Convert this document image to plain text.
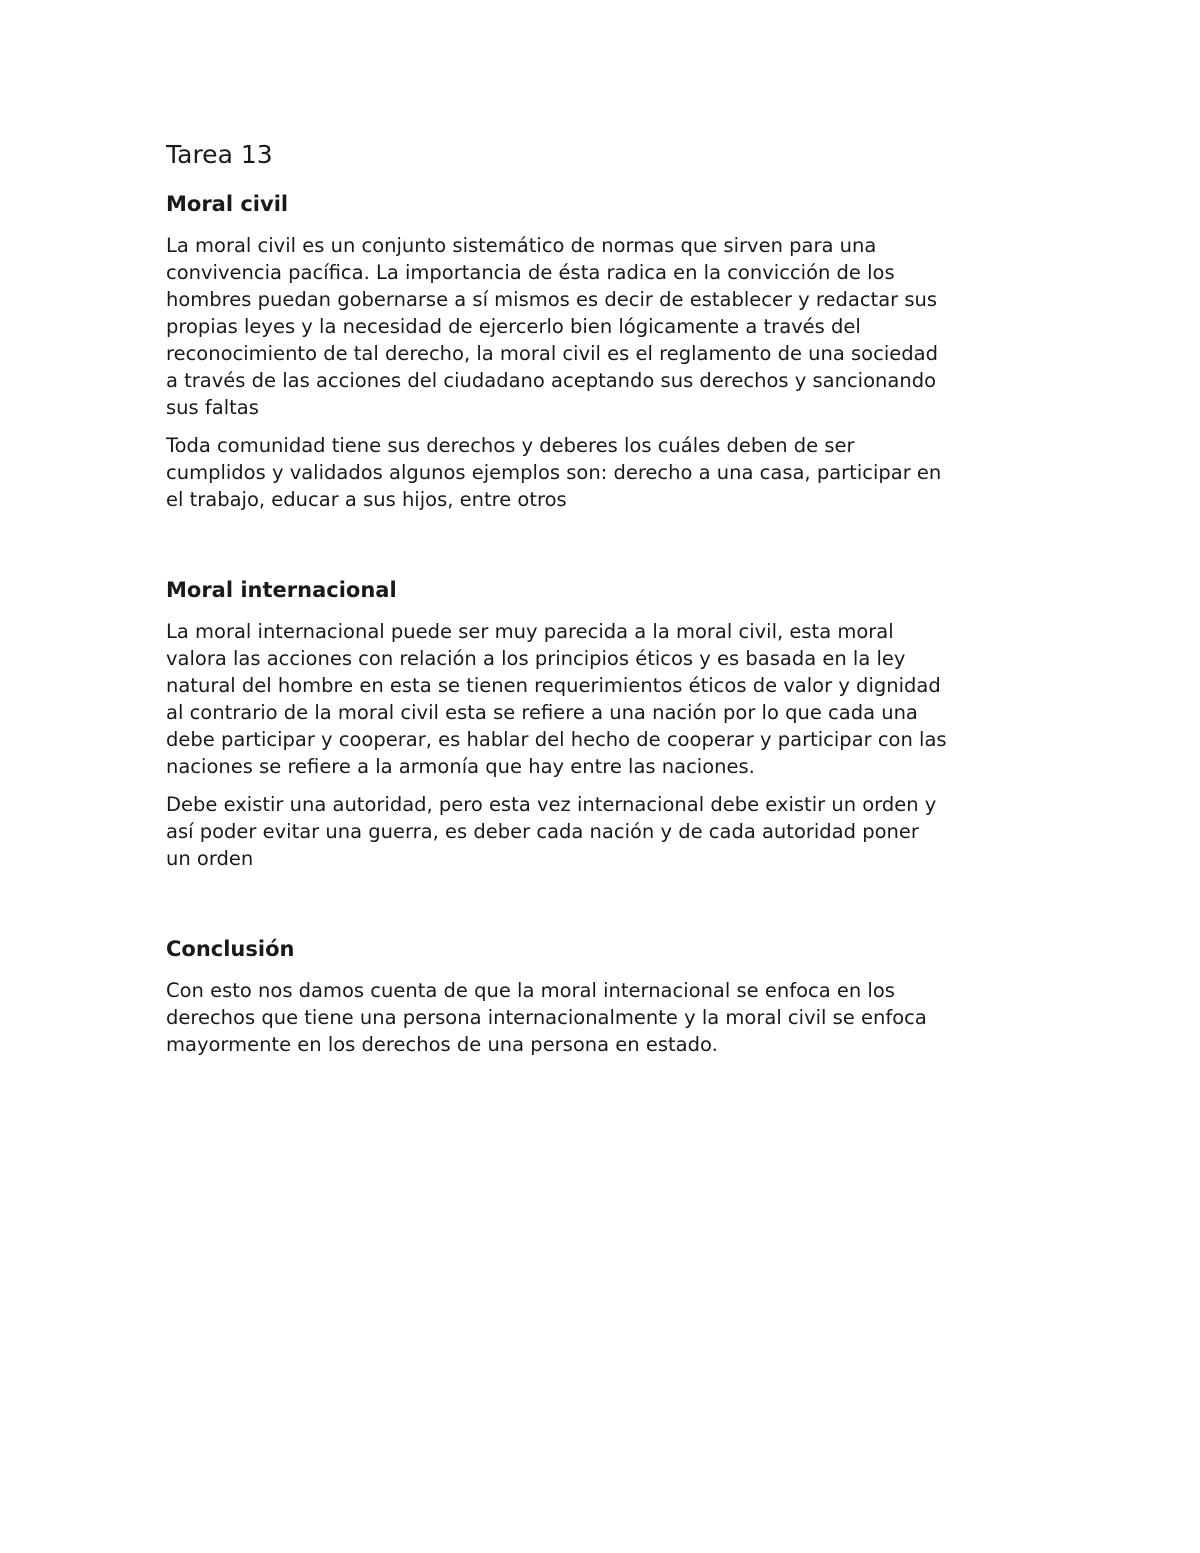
Tarea 13
Moral civil

La moral civil es un conjunto sistemático de normas que sirven para una
convivencia pacífica. La importancia de ésta radica en la convicción de los
hombres puedan gobernarse a sí mismos es decir de establecer y redactar sus
propias leyes y la necesidad de ejercerlo bien lógicamente a través del
reconocimiento de tal derecho, la moral civil es el reglamento de una sociedad
a través de las acciones del ciudadano aceptando sus derechos y sancionando
sus faltas

Toda comunidad tiene sus derechos y deberes los cuáles deben de ser
cumplidos y validados algunos ejemplos son: derecho a una casa, participar en
el trabajo, educar a sus hijos, entre otros

Moral internacional

La moral internacional puede ser muy parecida a la moral civil, esta moral
valora las acciones con relación a los principios éticos y es basada en la ley
natural del hombre en esta se tienen requerimientos éticos de valor y dignidad
al contrario de la moral civil esta se refiere a una nación por lo que cada una
debe participar y cooperar, es hablar del hecho de cooperar y participar con las
naciones se refiere a la armonía que hay entre las naciones.

Debe existir una autoridad, pero esta vez internacional debe existir un orden y
así poder evitar una guerra, es deber cada nación y de cada autoridad poner
un orden

Conclusión

Con esto nos damos cuenta de que la moral internacional se enfoca en los
derechos que tiene una persona internacionalmente y la moral civil se enfoca
mayormente en los derechos de una persona en estado.
